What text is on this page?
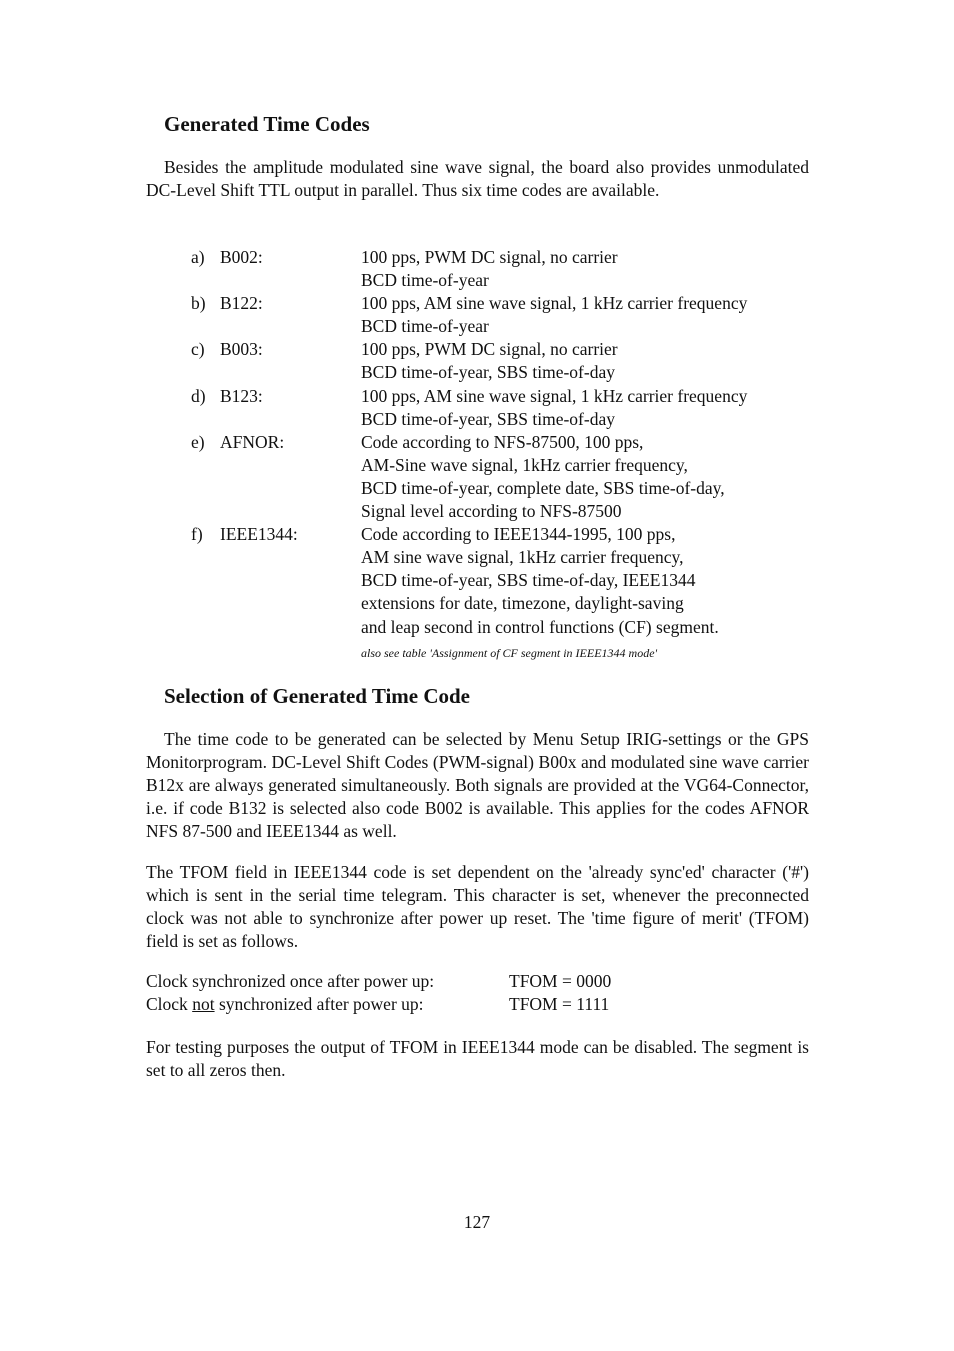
Generated Time Codes

Besides the amplitude modulated sine wave signal, the board also provides unmodulated DC-Level Shift TTL output in parallel. Thus six time codes are available.

a) B002:	100 pps, PWM DC signal, no carrier
BCD time-of-year
b) B122:	100 pps, AM sine wave signal, 1 kHz carrier frequency
BCD time-of-year
c) B003:	100 pps, PWM DC signal, no carrier
BCD time-of-year, SBS time-of-day
d) B123:	100 pps, AM sine wave signal, 1 kHz carrier frequency
BCD time-of-year, SBS time-of-day
e) AFNOR:	Code according to NFS-87500, 100 pps,
AM-Sine wave signal, 1kHz carrier frequency,
BCD time-of-year, complete date, SBS time-of-day,
Signal level according to NFS-87500
f) IEEE1344:	Code according to IEEE1344-1995, 100 pps,
AM sine wave signal, 1kHz carrier frequency,
BCD time-of-year, SBS time-of-day, IEEE1344
extensions for date, timezone, daylight-saving
and leap second in control functions (CF) segment.
also see table 'Assignment of CF segment in IEEE1344 mode'
Selection of Generated Time Code

The time code to be generated can be selected by Menu Setup IRIG-settings or the GPS Monitorprogram. DC-Level Shift Codes (PWM-signal) B00x and modulated sine wave carrier B12x are always generated simultaneously. Both signals are provided at the VG64-Connector, i.e. if code B132 is selected also code B002 is available. This applies for the codes AFNOR NFS 87-500 and IEEE1344 as well.

The TFOM field in IEEE1344 code is set dependent on the 'already sync'ed' character ('#') which is sent in the serial time telegram. This character is set, whenever the preconnected clock was not able to synchronize after power up reset. The 'time figure of merit' (TFOM) field is set as follows.

Clock synchronized once after power up:	TFOM = 0000
Clock not synchronized after power up:	TFOM = 1111

For testing purposes the output of TFOM in IEEE1344 mode can be disabled. The segment is set to all zeros then.

127
